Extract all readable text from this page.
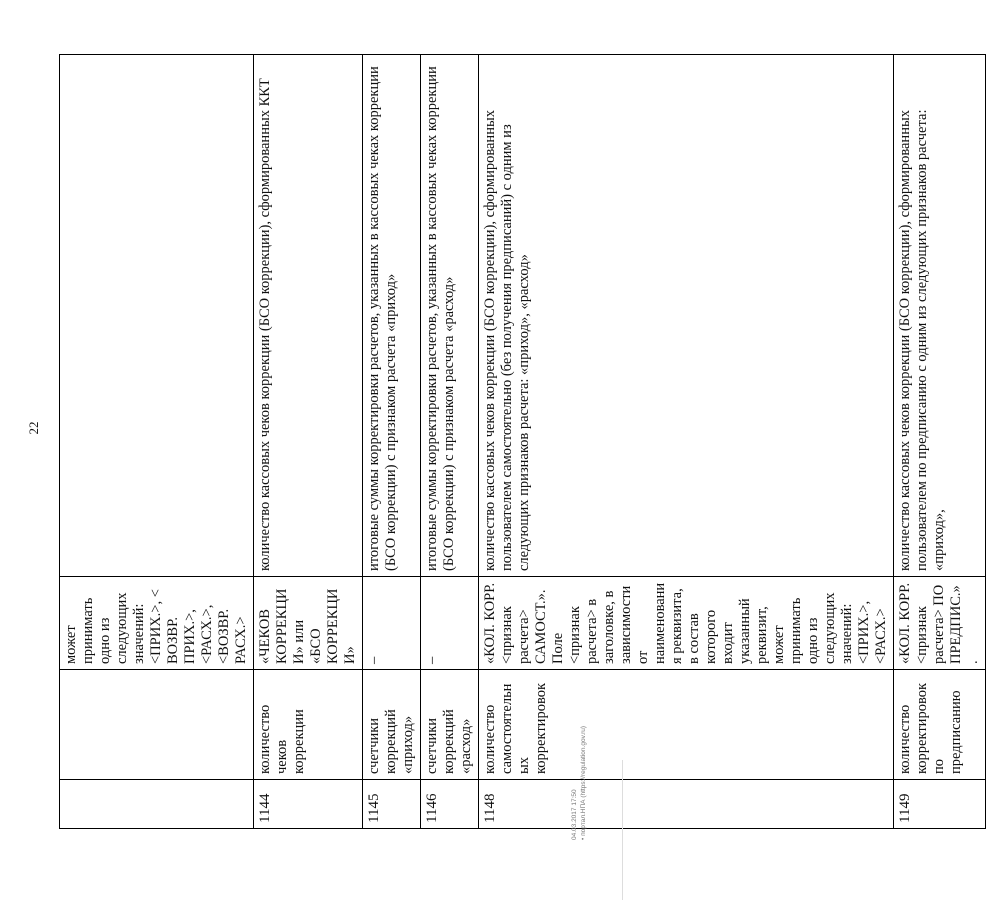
22
		может принимать одно из следующих значений: <ПРИХ.>, < ВОЗВР. ПРИХ.>, <РАСХ.>, <ВОЗВР. РАСХ.>	
1144	количество чеков коррекции	«ЧЕКОВ КОРРЕКЦИИ» или «БСО КОРРЕКЦИИ»	количество кассовых чеков коррекции (БСО коррекции), сформированных ККТ
1145	счетчики коррекций «приход»	–	итоговые суммы корректировки расчетов, указанных в кассовых чеках коррекции (БСО коррекции) с признаком расчета «приход»
1146	счетчики коррекций «расход»	–	итоговые суммы корректировки расчетов, указанных в кассовых чеках коррекции (БСО коррекции) с признаком расчета «расход»
1148	количество самостоятельных корректировок	«КОЛ. КОРР. <признак расчета> САМОСТ.». Поле <признак расчета> в заголовке, в зависимости от наименования реквизита, в состав которого входит указанный реквизит, может принимать одно из следующих значений: <ПРИХ.>, <РАСХ.>	количество кассовых чеков коррекции (БСО коррекции), сформированных пользователем самостоятельно (без получения предписаний) с одним из следующих признаков расчета: «приход», «расход»
1149	количество корректировок по предписанию	«КОЛ. КОРР. <признак расчета> ПО ПРЕДПИС.».	количество кассовых чеков коррекции (БСО коррекции), сформированных пользователем по предписанию с одним из следующих признаков расчета: «приход»,
04.03.2017 17:50 • портал.НПА (https://regulation.gov.ru)
